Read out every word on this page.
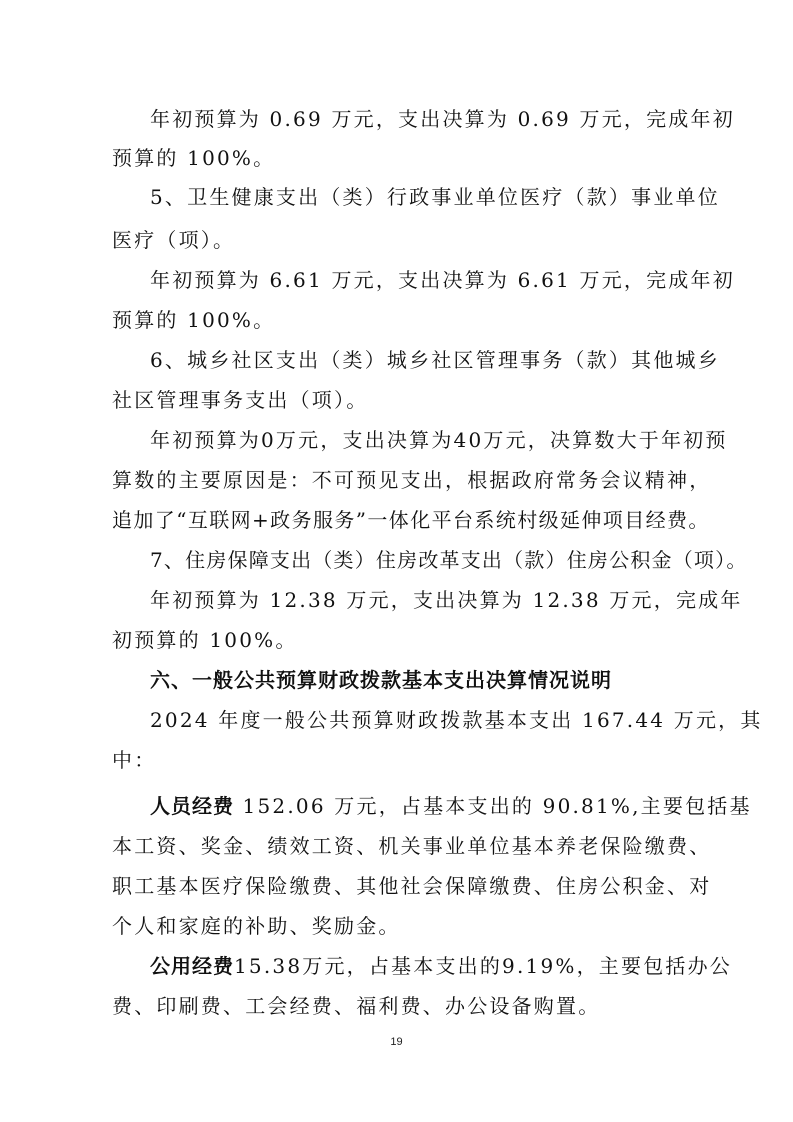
年初预算为 0.69 万元，支出决算为 0.69 万元，完成年初
预算的 100%。
5、卫生健康支出（类）行政事业单位医疗（款）事业单位
医疗（项）。
年初预算为 6.61 万元，支出决算为 6.61 万元，完成年初
预算的 100%。
6、城乡社区支出（类）城乡社区管理事务（款）其他城乡
社区管理事务支出（项）。
年初预算为0万元，支出决算为40万元，决算数大于年初预
算数的主要原因是：不可预见支出，根据政府常务会议精神，
追加了“互联网+政务服务”一体化平台系统村级延伸项目经费。
7、住房保障支出（类）住房改革支出（款）住房公积金（项）。
年初预算为 12.38 万元，支出决算为 12.38 万元，完成年
初预算的 100%。
六、一般公共预算财政拨款基本支出决算情况说明
2024 年度一般公共预算财政拨款基本支出 167.44 万元，其
中：
人员经费 152.06 万元，占基本支出的 90.81%,主要包括基
本工资、奖金、绩效工资、机关事业单位基本养老保险缴费、
职工基本医疗保险缴费、其他社会保障缴费、住房公积金、对
个人和家庭的补助、奖励金。
公用经费15.38万元，占基本支出的9.19%，主要包括办公
费、印刷费、工会经费、福利费、办公设备购置。
19
